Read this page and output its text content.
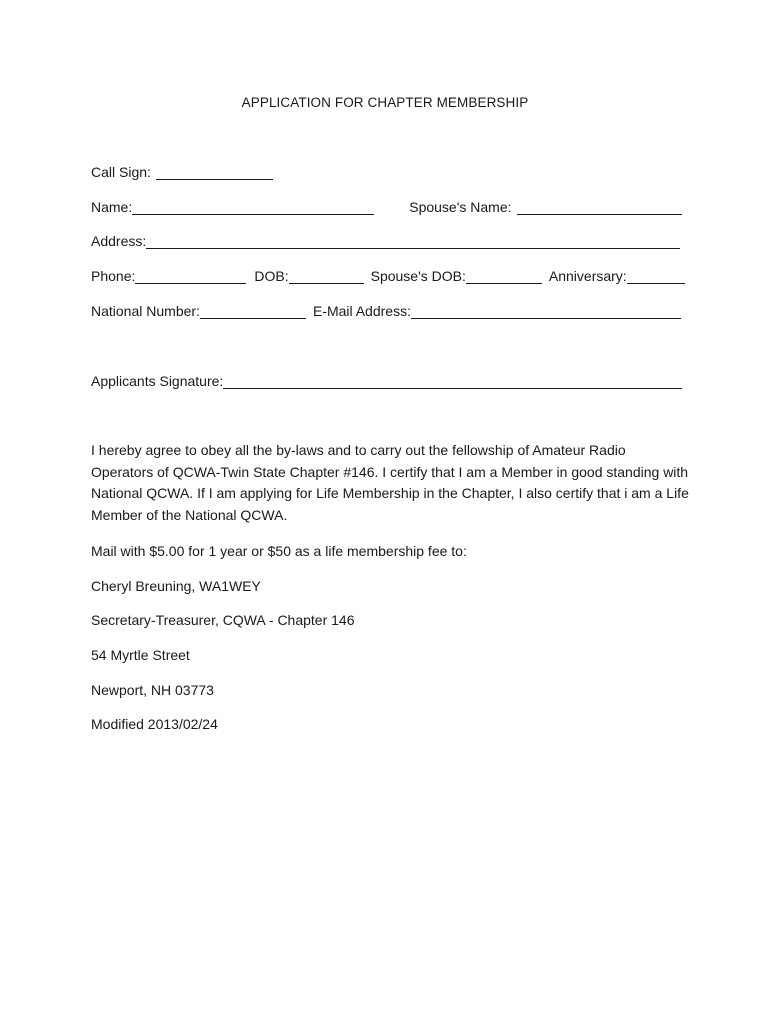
APPLICATION FOR CHAPTER MEMBERSHIP
Call Sign:
Name:	Spouse's Name:
Address:
Phone:	DOB:	Spouse's DOB:	Anniversary:
National Number:	E-Mail Address:
Applicants Signature:
I hereby agree to obey all the by-laws and to carry out the fellowship of Amateur Radio Operators of QCWA-Twin State Chapter #146. I certify that I am a Member in good standing with National QCWA. If I am applying for Life Membership in the Chapter, I also certify that i am a Life Member of the National QCWA.
Mail with $5.00 for 1 year or $50 as a life membership fee to:
Cheryl Breuning, WA1WEY
Secretary-Treasurer, CQWA - Chapter 146
54 Myrtle Street
Newport, NH 03773
Modified 2013/02/24
